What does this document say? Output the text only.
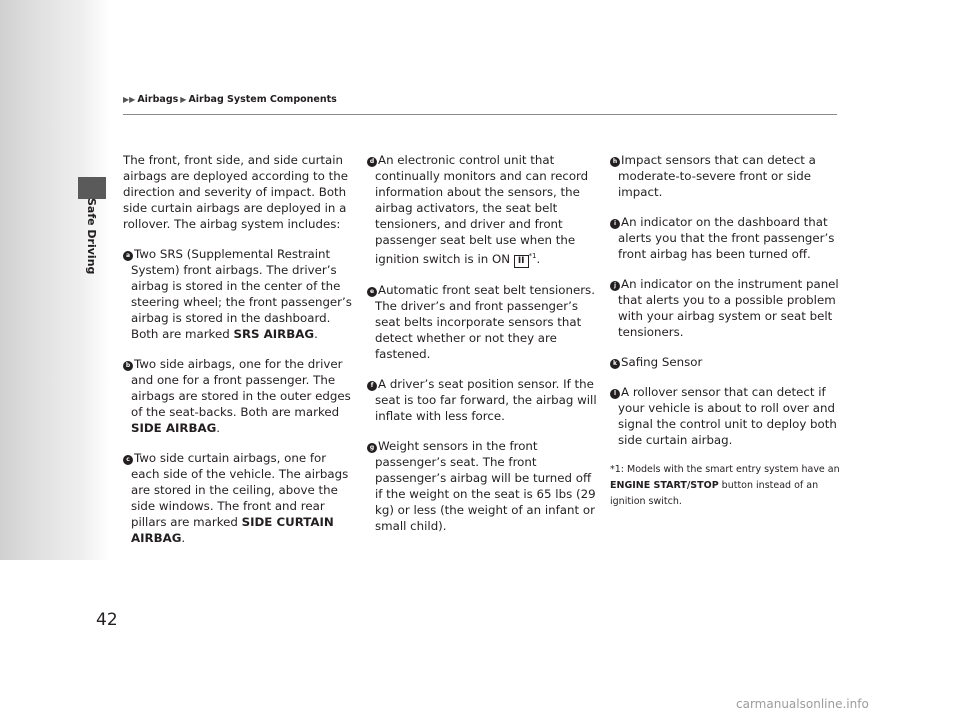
Safe Driving
▶▶ Airbags ▶ Airbag System Components

The front, front side, and side curtain airbags are deployed according to the direction and severity of impact. Both side curtain airbags are deployed in a rollover. The airbag system includes:

a Two SRS (Supplemental Restraint System) front airbags. The driver’s airbag is stored in the center of the steering wheel; the front passenger’s airbag is stored in the dashboard. Both are marked SRS AIRBAG.

b Two side airbags, one for the driver and one for a front passenger. The airbags are stored in the outer edges of the seat-backs. Both are marked SIDE AIRBAG.

c Two side curtain airbags, one for each side of the vehicle. The airbags are stored in the ceiling, above the side windows. The front and rear pillars are marked SIDE CURTAIN AIRBAG.

d An electronic control unit that continually monitors and can record information about the sensors, the airbag activators, the seat belt tensioners, and driver and front passenger seat belt use when the ignition switch is in ON II $^{*1}$.

e Automatic front seat belt tensioners. The driver’s and front passenger’s seat belts incorporate sensors that detect whether or not they are fastened.

f A driver’s seat position sensor. If the seat is too far forward, the airbag will inflate with less force.

g Weight sensors in the front passenger’s seat. The front passenger’s airbag will be turned off if the weight on the seat is 65 lbs (29 kg) or less (the weight of an infant or small child).

h Impact sensors that can detect a moderate-to-severe front or side impact.

i An indicator on the dashboard that alerts you that the front passenger’s front airbag has been turned off.

j An indicator on the instrument panel that alerts you to a possible problem with your airbag system or seat belt tensioners.

k Safing Sensor

l A rollover sensor that can detect if your vehicle is about to roll over and signal the control unit to deploy both side curtain airbag.

*1: Models with the smart entry system have an ENGINE START/STOP button instead of an ignition switch.

42
carmanualsonline.info
